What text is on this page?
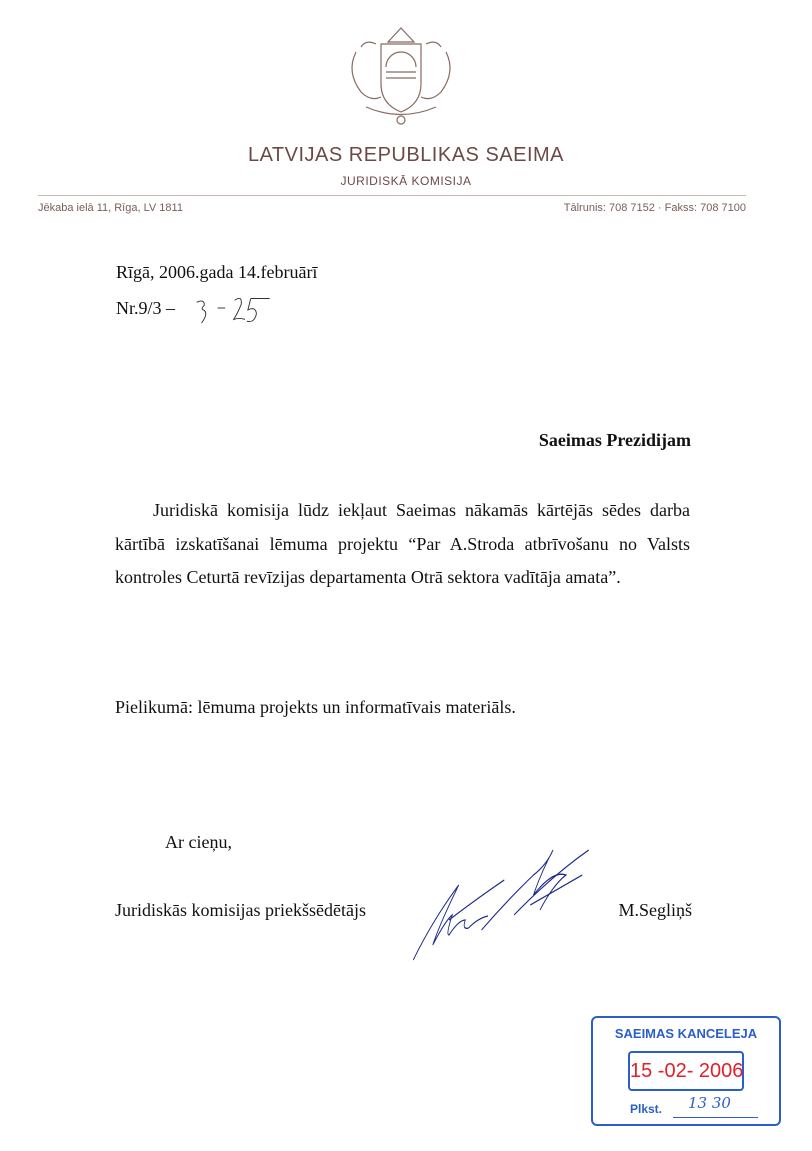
LATVIJAS REPUBLIKAS SAEIMA
JURIDISKĀ KOMISIJA
Jēkaba ielā 11, Rīga, LV 1811	Tālrunis: 708 7152 · Fakss: 708 7100
Rīgā, 2006.gada 14.februārī
Nr.9/3 –
Saeimas Prezidijam

Juridiskā komisija lūdz iekļaut Saeimas nākamās kārtējās sēdes darba kārtībā izskatīšanai lēmuma projektu “Par A.Stroda atbrīvošanu no Valsts kontroles Ceturtā revīzijas departamenta Otrā sektora vadītāja amata”.

Pielikumā: lēmuma projekts un informatīvais materiāls.
Ar cieņu,
Juridiskās komisijas priekšsēdētājs	M.Segliņš
SAEIMAS KANCELEJA
15 -02- 2006
Plkst. 13 30
